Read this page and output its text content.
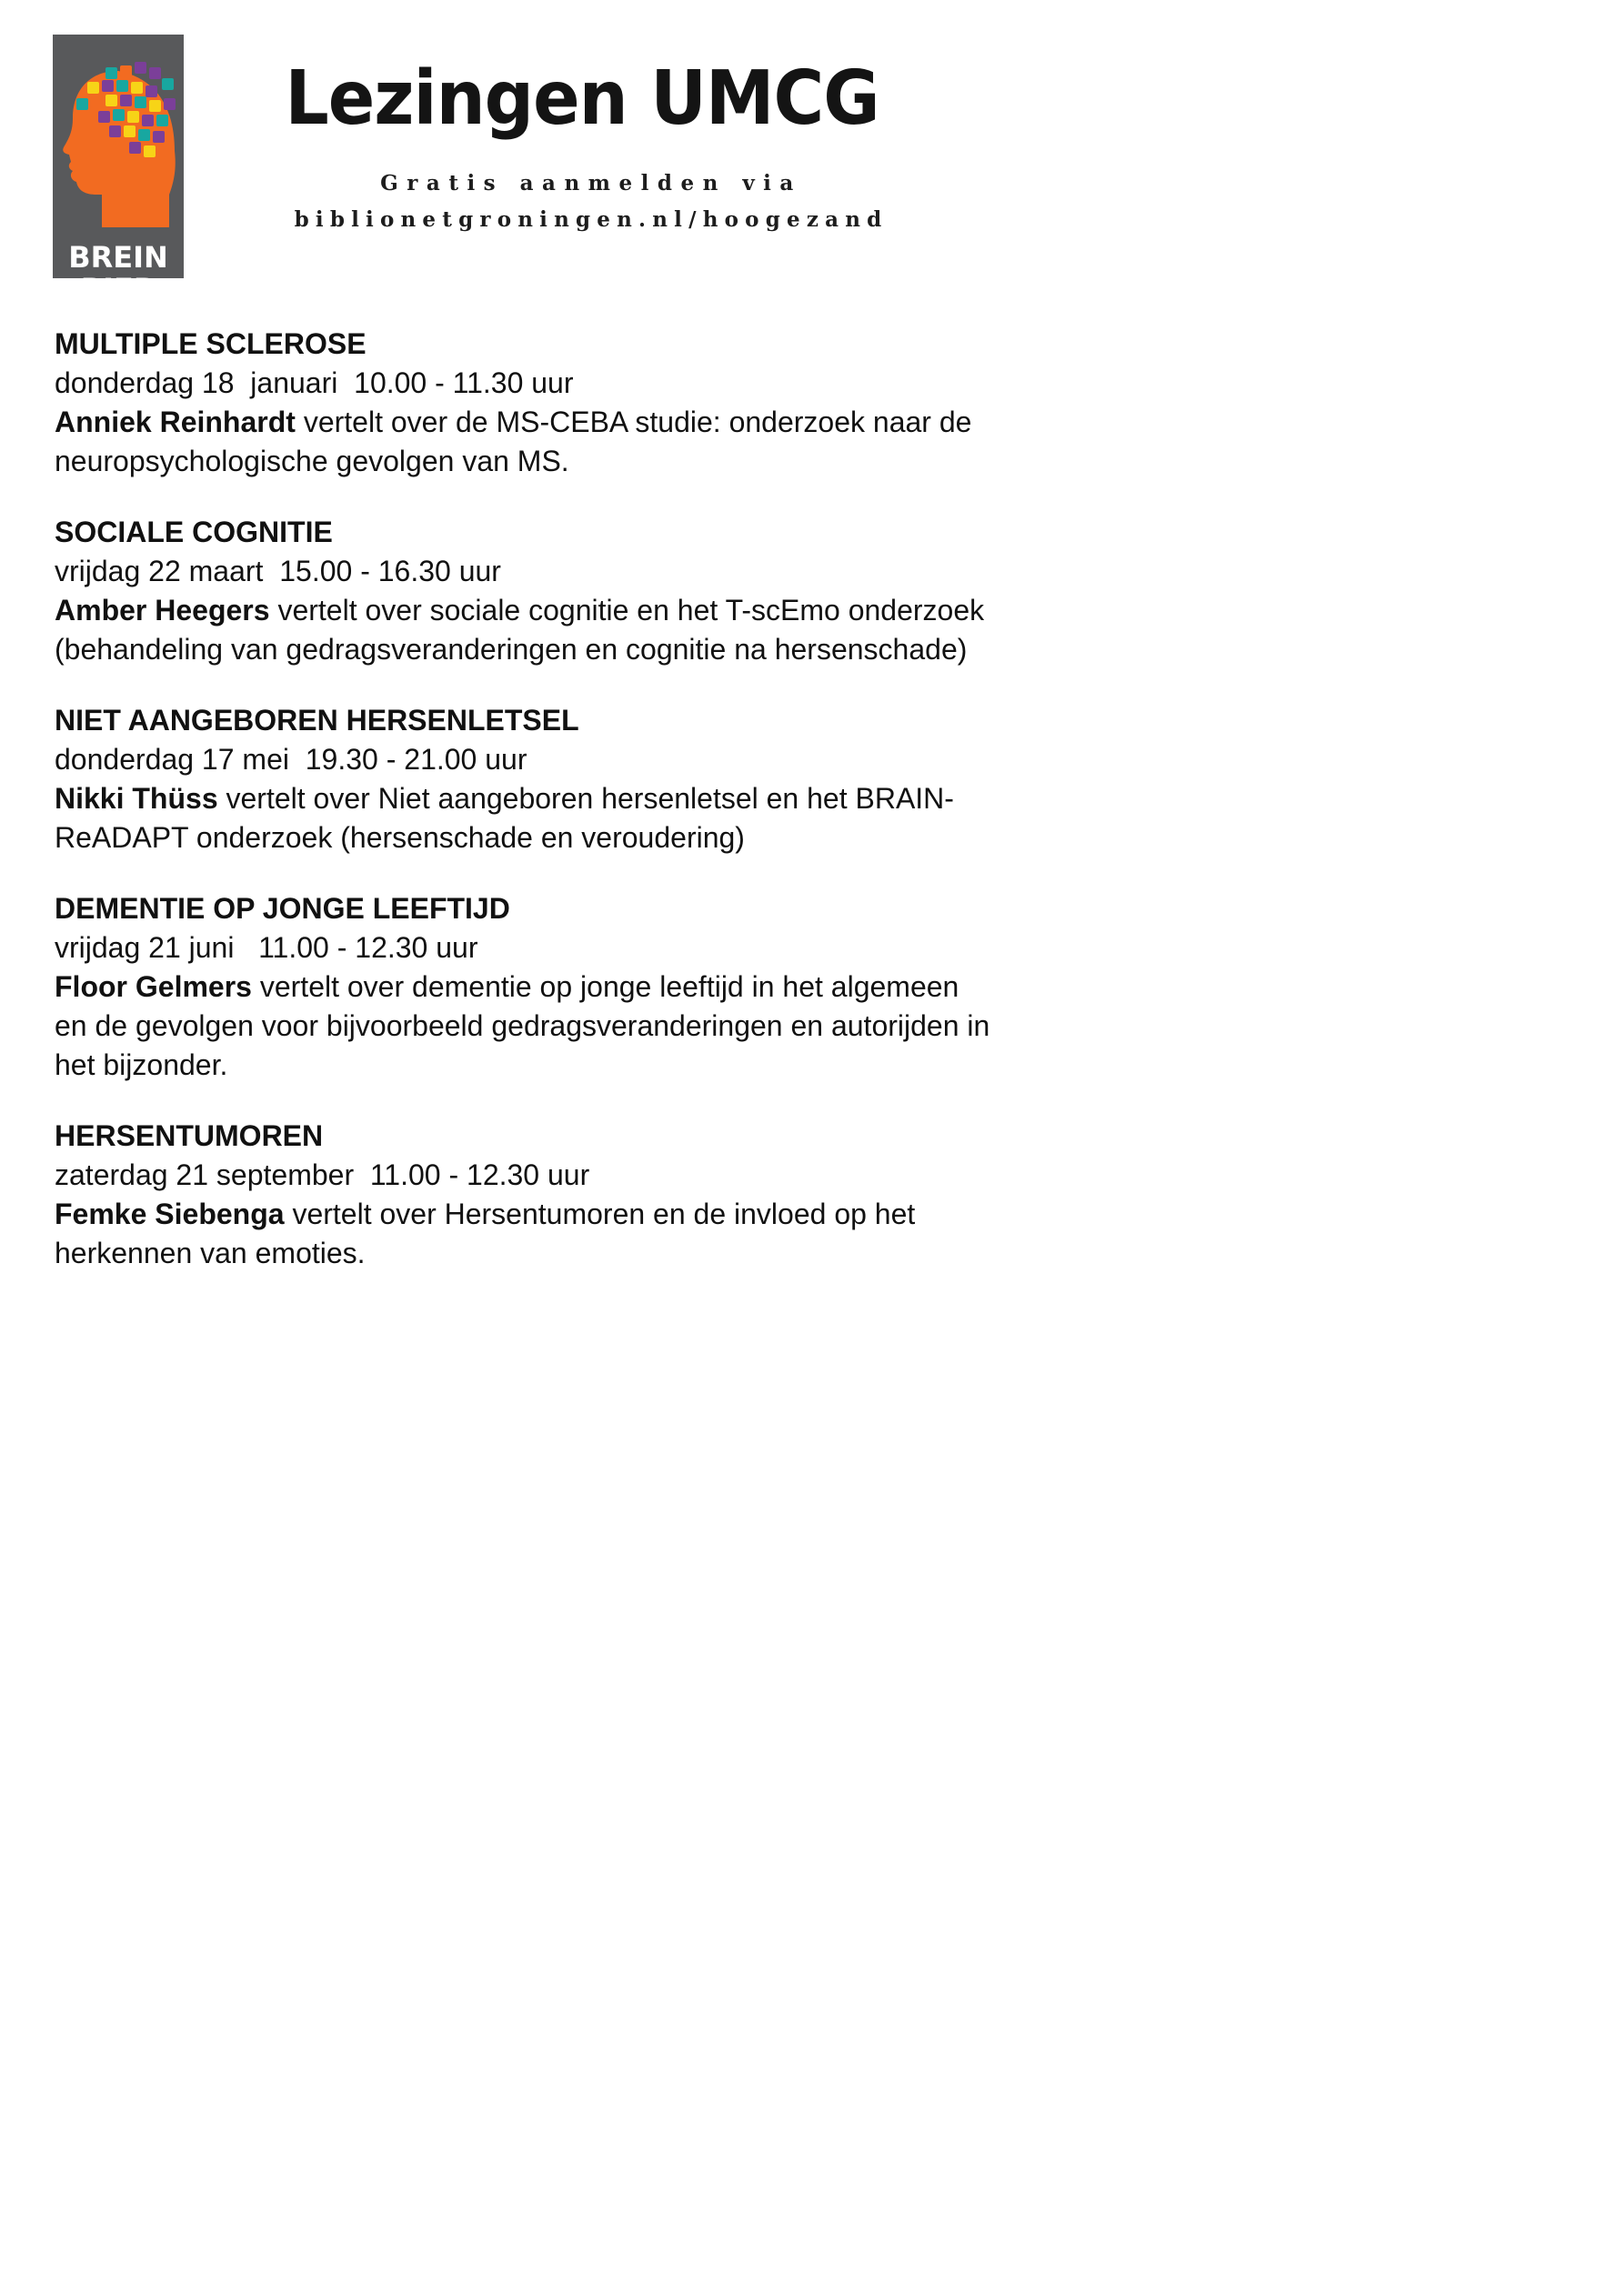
BREIN
BIEB
Lezingen UMCG
Gratis aanmelden via
biblionetgroningen.nl/hoogezand
MULTIPLE SCLEROSE
donderdag 18  januari  10.00 - 11.30 uur
Anniek Reinhardt vertelt over de MS-CEBA studie: onderzoek naar de neuropsychologische gevolgen van MS.
SOCIALE COGNITIE
vrijdag 22 maart  15.00 - 16.30 uur
Amber Heegers vertelt over sociale cognitie en het T-scEmo onderzoek (behandeling van gedragsveranderingen en cognitie na hersenschade)
NIET AANGEBOREN HERSENLETSEL
donderdag 17 mei  19.30 - 21.00 uur
Nikki Thüss vertelt over Niet aangeboren hersenletsel en het BRAIN-ReADAPT onderzoek (hersenschade en veroudering)
DEMENTIE OP JONGE LEEFTIJD
vrijdag 21 juni   11.00 - 12.30 uur
Floor Gelmers vertelt over dementie op jonge leeftijd in het algemeen en de gevolgen voor bijvoorbeeld gedragsveranderingen en autorijden in het bijzonder.
HERSENTUMOREN
zaterdag 21 september  11.00 - 12.30 uur
Femke Siebenga vertelt over Hersentumoren en de invloed op het herkennen van emoties.
